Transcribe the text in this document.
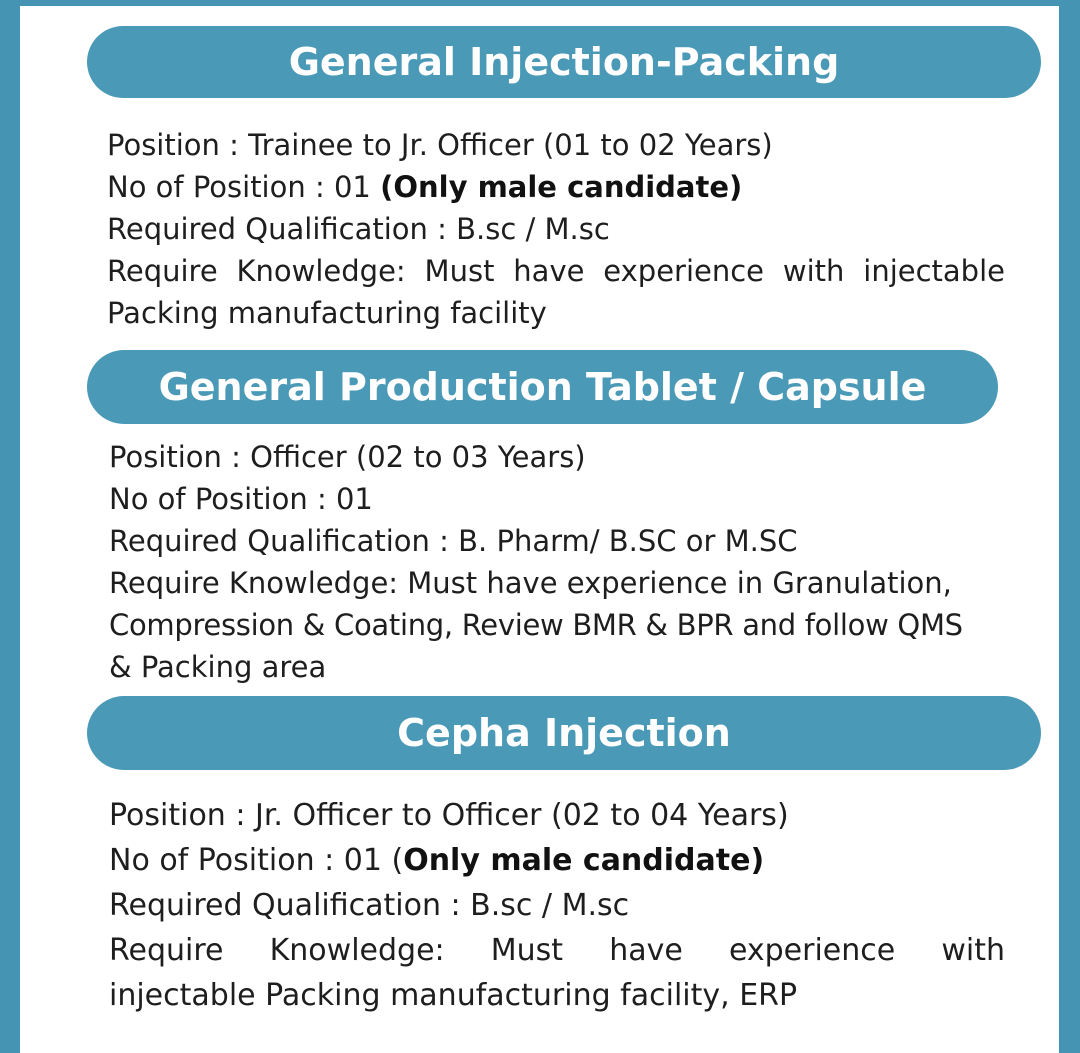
General Injection-Packing
Position : Trainee to Jr. Officer (01 to 02 Years)
No of Position : 01 (Only male candidate)
Required Qualification : B.sc / M.sc
Require Knowledge: Must have experience with injectable
Packing manufacturing facility
General Production Tablet / Capsule
Position : Officer (02 to 03 Years)
No of Position : 01
Required Qualification : B. Pharm/ B.SC or M.SC
Require Knowledge: Must have experience in Granulation,
Compression & Coating, Review BMR & BPR and follow QMS
& Packing area
Cepha Injection
Position : Jr. Officer to Officer (02 to 04 Years)
No of Position : 01 (Only male candidate)
Required Qualification : B.sc / M.sc
Require Knowledge: Must have experience with
injectable Packing manufacturing facility, ERP
